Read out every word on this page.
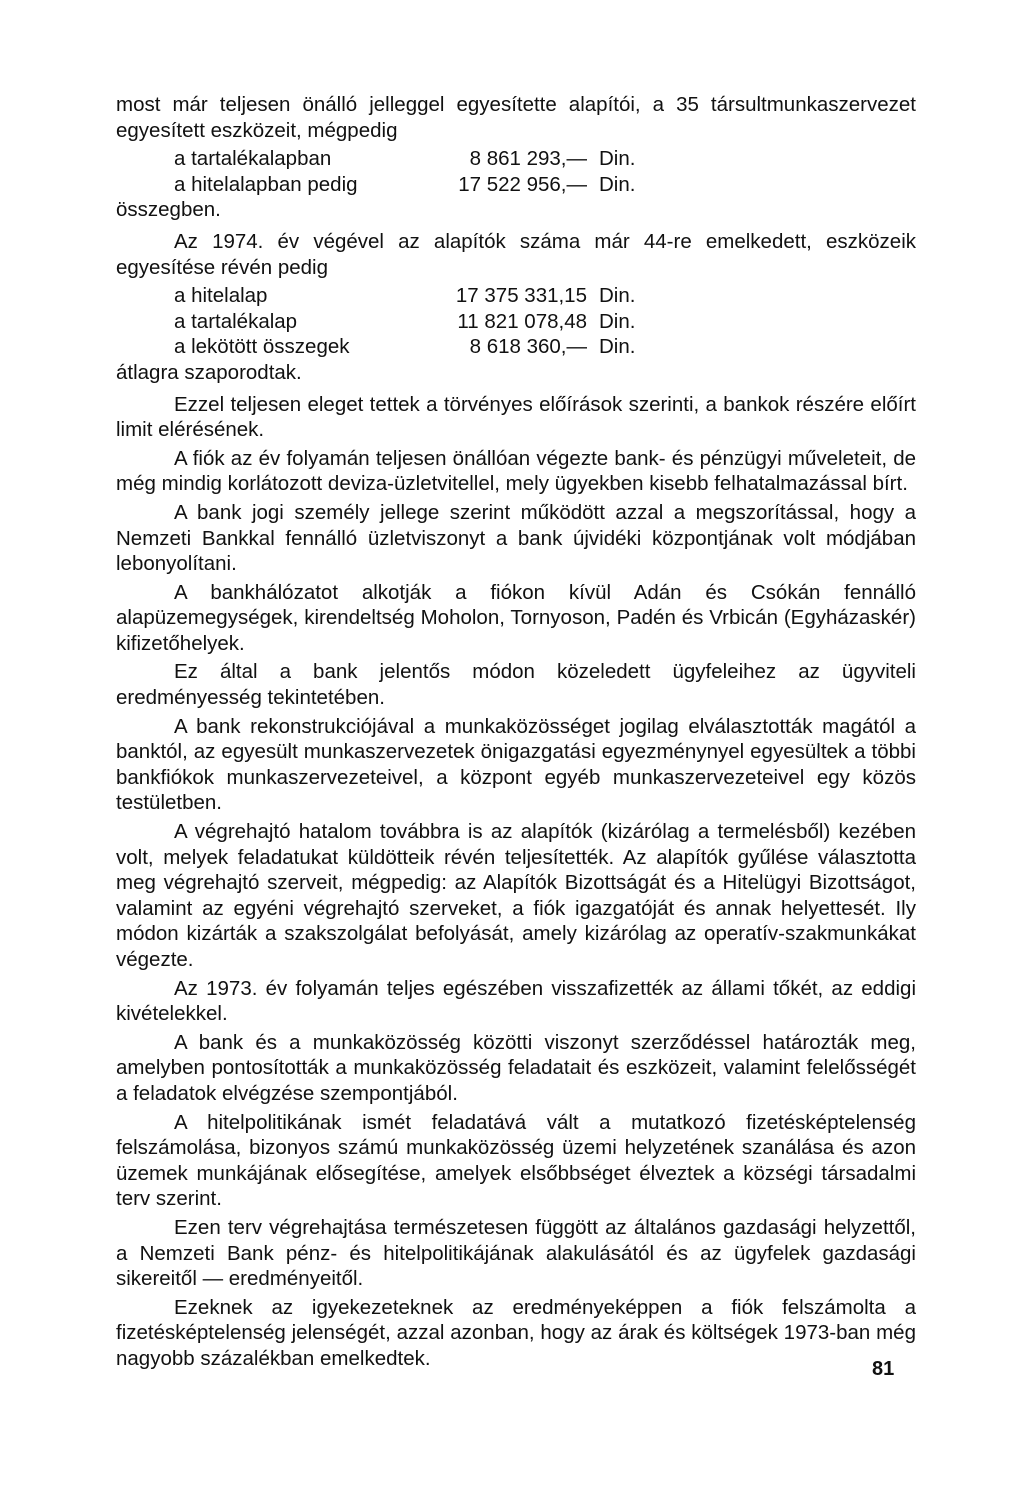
most már teljesen önálló jelleggel egyesítette alapítói, a 35 társultmunkaszervezet egyesített eszközeit, mégpedig

a tartalékalapban	8 861 293,— Din.
a hitelalapban pedig	17 522 956,— Din.

összegben.

Az 1974. év végével az alapítók száma már 44-re emelkedett, eszközeik egyesítése révén pedig

a hitelalap	17 375 331,15 Din.
a tartalékalap	11 821 078,48 Din.
a lekötött összegek	8 618 360,— Din.

átlagra szaporodtak.

Ezzel teljesen eleget tettek a törvényes előírások szerinti, a bankok részére előírt limit elérésének.

A fiók az év folyamán teljesen önállóan végezte bank- és pénzügyi műveleteit, de még mindig korlátozott deviza-üzletvitellel, mely ügyekben kisebb felhatalmazással bírt.

A bank jogi személy jellege szerint működött azzal a megszorítással, hogy a Nemzeti Bankkal fennálló üzletviszonyt a bank újvidéki központjának volt módjában lebonyolítani.

A bankhálózatot alkotják a fiókon kívül Adán és Csókán fennálló alapüzemegységek, kirendeltség Moholon, Tornyoson, Padén és Vrbicán (Egyházaskér) kifizetőhelyek.

Ez által a bank jelentős módon közeledett ügyfeleihez az ügyviteli eredményesség tekintetében.

A bank rekonstrukciójával a munkaközösséget jogilag elválasztották magától a banktól, az egyesült munkaszervezetek önigazgatási egyezménynyel egyesültek a többi bankfiókok munkaszervezeteivel, a központ egyéb munkaszervezeteivel egy közös testületben.

A végrehajtó hatalom továbbra is az alapítók (kizárólag a termelésből) kezében volt, melyek feladatukat küldötteik révén teljesítették. Az alapítók gyűlése választotta meg végrehajtó szerveit, mégpedig: az Alapítók Bizottságát és a Hitelügyi Bizottságot, valamint az egyéni végrehajtó szerveket, a fiók igazgatóját és annak helyettesét. Ily módon kizárták a szakszolgálat befolyását, amely kizárólag az operatív-szakmunkákat végezte.

Az 1973. év folyamán teljes egészében visszafizették az állami tőkét, az eddigi kivételekkel.

A bank és a munkaközösség közötti viszonyt szerződéssel határozták meg, amelyben pontosították a munkaközösség feladatait és eszközeit, valamint felelősségét a feladatok elvégzése szempontjából.

A hitelpolitikának ismét feladatává vált a mutatkozó fizetésképtelenség felszámolása, bizonyos számú munkaközösség üzemi helyzetének szanálása és azon üzemek munkájának elősegítése, amelyek elsőbbséget élveztek a községi társadalmi terv szerint.

Ezen terv végrehajtása természetesen függött az általános gazdasági helyzettől, a Nemzeti Bank pénz- és hitelpolitikájának alakulásától és az ügyfelek gazdasági sikereitől — eredményeitől.

Ezeknek az igyekezeteknek az eredményeképpen a fiók felszámolta a fizetésképtelenség jelenségét, azzal azonban, hogy az árak és költségek 1973-ban még nagyobb százalékban emelkedtek.	81
